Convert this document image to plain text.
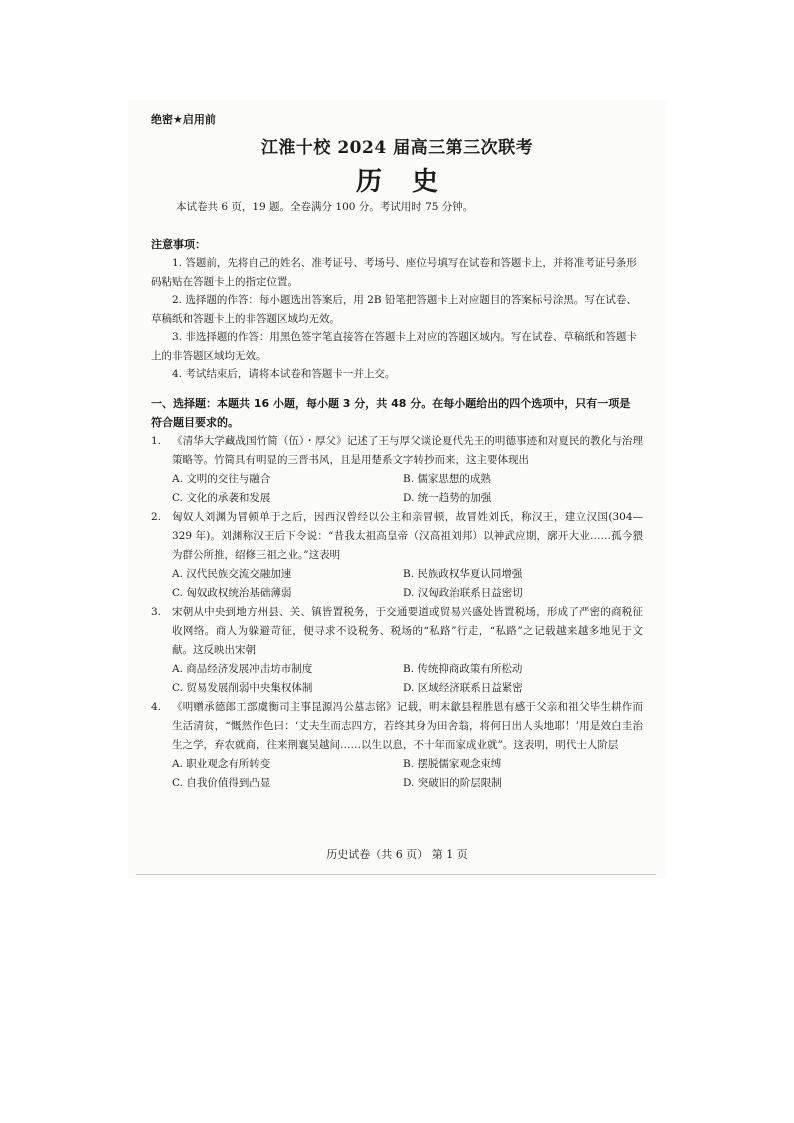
绝密★启用前
江淮十校 2024 届高三第三次联考
历史
本试卷共 6 页，19 题。全卷满分 100 分。考试用时 75 分钟。
注意事项：

1. 答题前，先将自己的姓名、准考证号、考场号、座位号填写在试卷和答题卡上，并将准考证号条形码粘贴在答题卡上的指定位置。

2. 选择题的作答：每小题选出答案后，用 2B 铅笔把答题卡上对应题目的答案标号涂黑。写在试卷、草稿纸和答题卡上的非答题区域均无效。

3. 非选择题的作答：用黑色签字笔直接答在答题卡上对应的答题区域内。写在试卷、草稿纸和答题卡上的非答题区域均无效。

4. 考试结束后，请将本试卷和答题卡一并上交。

一、选择题：本题共 16 小题，每小题 3 分，共 48 分。在每小题给出的四个选项中，只有一项是符合题目要求的。
1. 《清华大学藏战国竹简（伍）・厚父》记述了王与厚父谈论夏代先王的明德事迹和对夏民的教化与治理策略等。竹简具有明显的三晋书风，且是用楚系文字转抄而来，这主要体现出

A. 文明的交往与融合	B. 儒家思想的成熟
C. 文化的承袭和发展	D. 统一趋势的加强
2. 匈奴人刘渊为冒顿单于之后，因西汉曾经以公主和亲冒顿，故冒姓刘氏，称汉王，建立汉国(304—329 年)。刘渊称汉王后下令说：“昔我太祖高皇帝（汉高祖刘邦）以神武应期，廓开大业……孤今猥为群公所推，绍修三祖之业。”这表明

A. 汉代民族交流交融加速	B. 民族政权华夏认同增强
C. 匈奴政权统治基础薄弱	D. 汉匈政治联系日益密切
3. 宋朝从中央到地方州县、关、镇皆置税务，于交通要道或贸易兴盛处皆置税场，形成了严密的商税征收网络。商人为躲避苛征，便寻求不设税务、税场的“私路”行走，“私路”之记载越来越多地见于文献。这反映出宋朝

A. 商品经济发展冲击坊市制度	B. 传统抑商政策有所松动
C. 贸易发展削弱中央集权体制	D. 区域经济联系日益紧密
4. 《明赠承德郎工部虞衡司主事昆源冯公墓志铭》记载，明末歙县程胜恩有感于父亲和祖父毕生耕作而生活清贫，“慨然作色曰：‘丈夫生而志四方，若终其身为田舍翁，将何日出人头地耶！’用是效白圭治生之学，弃农就商，往来荆襄吴越间……以生以息，不十年而家成业就”。这表明，明代士人阶层

A. 职业观念有所转变	B. 摆脱儒家观念束缚
C. 自我价值得到凸显	D. 突破旧的阶层限制
历史试卷（共 6 页） 第 1 页
